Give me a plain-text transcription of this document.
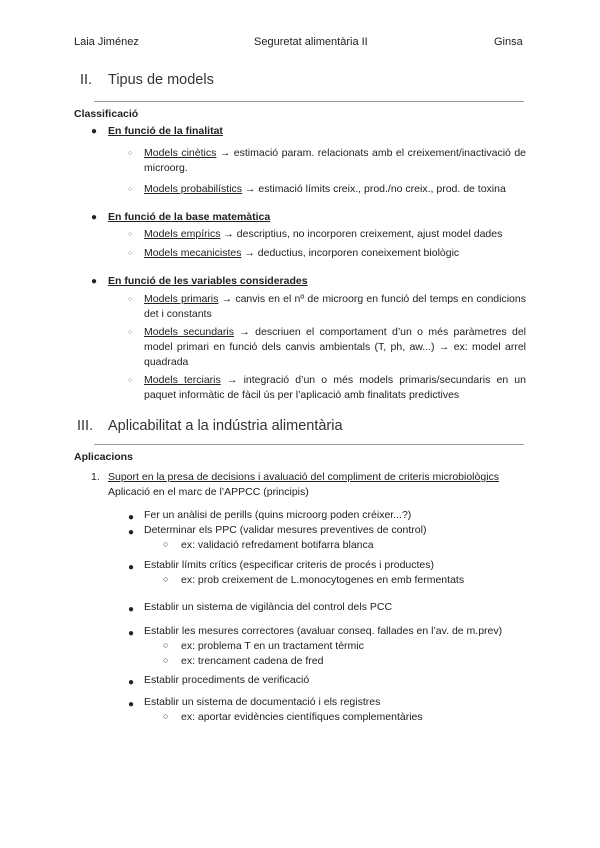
Laia Jiménez	Seguretat alimentària II	Ginsa
II. Tipus de models
Classificació
● En funció de la finalitat
○ Models cinètics → estimació param. relacionats amb el creixement/inactivació de microorg.
○ Models probabilístics → estimació límits creix., prod./no creix., prod. de toxina
● En funció de la base matemàtica
○ Models empírics → descriptius, no incorporen creixement, ajust model dades
○ Models mecanicistes → deductius, incorporen coneixement biològic
● En funció de les variables considerades
○ Models primaris → canvis en el nº de microorg en funció del temps en condicions det i constants
○ Models secundaris → descriuen el comportament d’un o més paràmetres del model primari en funció dels canvis ambientals (T, ph, aw...) → ex: model arrel quadrada
○ Models terciaris → integració d’un o més models primaris/secundaris en un paquet informàtic de fàcil ús per l’aplicació amb finalitats predictives
III. Aplicabilitat a la indústria alimentària
Aplicacions
1. Suport en la presa de decisions i avaluació del compliment de criteris microbiològics
Aplicació en el marc de l’APPCC (principis)
● Fer un anàlisi de perills (quins microorg poden créixer...?)
● Determinar els PPC (validar mesures preventives de control)
○ ex: validació refredament botifarra blanca
● Establir límits crítics (especificar criteris de procés i productes)
○ ex: prob creixement de L.monocytogenes en emb fermentats
● Establir un sistema de vigilància del control dels PCC
● Establir les mesures correctores (avaluar conseq. fallades en l’av. de m.prev)
○ ex: problema T en un tractament tèrmic
○ ex: trencament cadena de fred
● Establir procediments de verificació
● Establir un sistema de documentació i els registres
○ ex: aportar evidències científiques complementàries
